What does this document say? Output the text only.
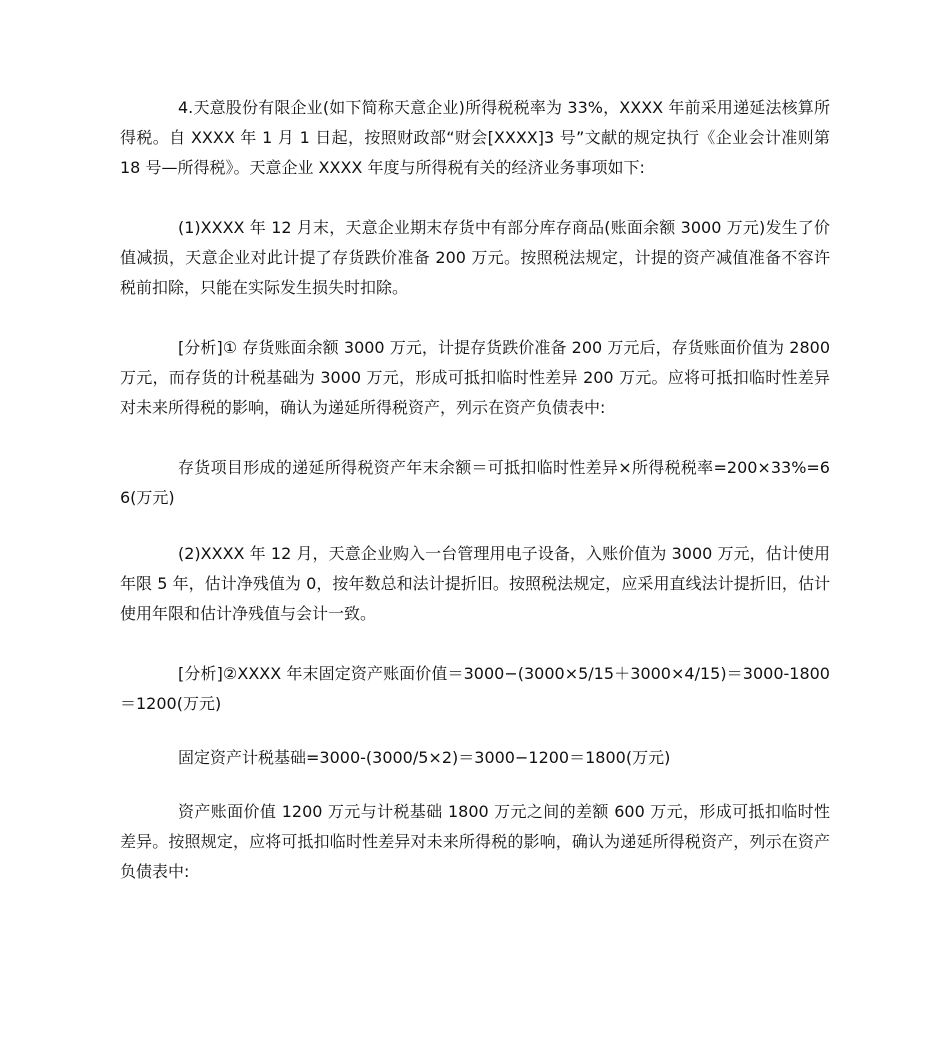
4.天意股份有限企业(如下简称天意企业)所得税税率为 33%，XXXX 年前采用递延法核算所得税。自 XXXX 年 1 月 1 日起，按照财政部“财会[XXXX]3 号”文献的规定执行《企业会计准则第 18 号—所得税》。天意企业 XXXX 年度与所得税有关的经济业务事项如下:

(1)XXXX 年 12 月末，天意企业期末存货中有部分库存商品(账面余额 3000 万元)发生了价值减损，天意企业对此计提了存货跌价准备 200 万元。按照税法规定，计提的资产减值准备不容许税前扣除，只能在实际发生损失时扣除。

[分析]① 存货账面余额 3000 万元，计提存货跌价准备 200 万元后，存货账面价值为 2800 万元，而存货的计税基础为 3000 万元，形成可抵扣临时性差异 200 万元。应将可抵扣临时性差异对未来所得税的影响，确认为递延所得税资产，列示在资产负债表中:

存货项目形成的递延所得税资产年末余额＝可抵扣临时性差异×所得税税率=200×33%=66(万元)

(2)XXXX 年 12 月，天意企业购入一台管理用电子设备，入账价值为 3000 万元，估计使用年限 5 年，估计净残值为 0，按年数总和法计提折旧。按照税法规定，应采用直线法计提折旧，估计使用年限和估计净残值与会计一致。

[分析]②XXXX 年末固定资产账面价值＝3000−(3000×5/15＋3000×4/15)＝3000-1800＝1200(万元)

固定资产计税基础=3000-(3000/5×2)＝3000−1200＝1800(万元)

资产账面价值 1200 万元与计税基础 1800 万元之间的差额 600 万元，形成可抵扣临时性差异。按照规定，应将可抵扣临时性差异对未来所得税的影响，确认为递延所得税资产，列示在资产负债表中:
